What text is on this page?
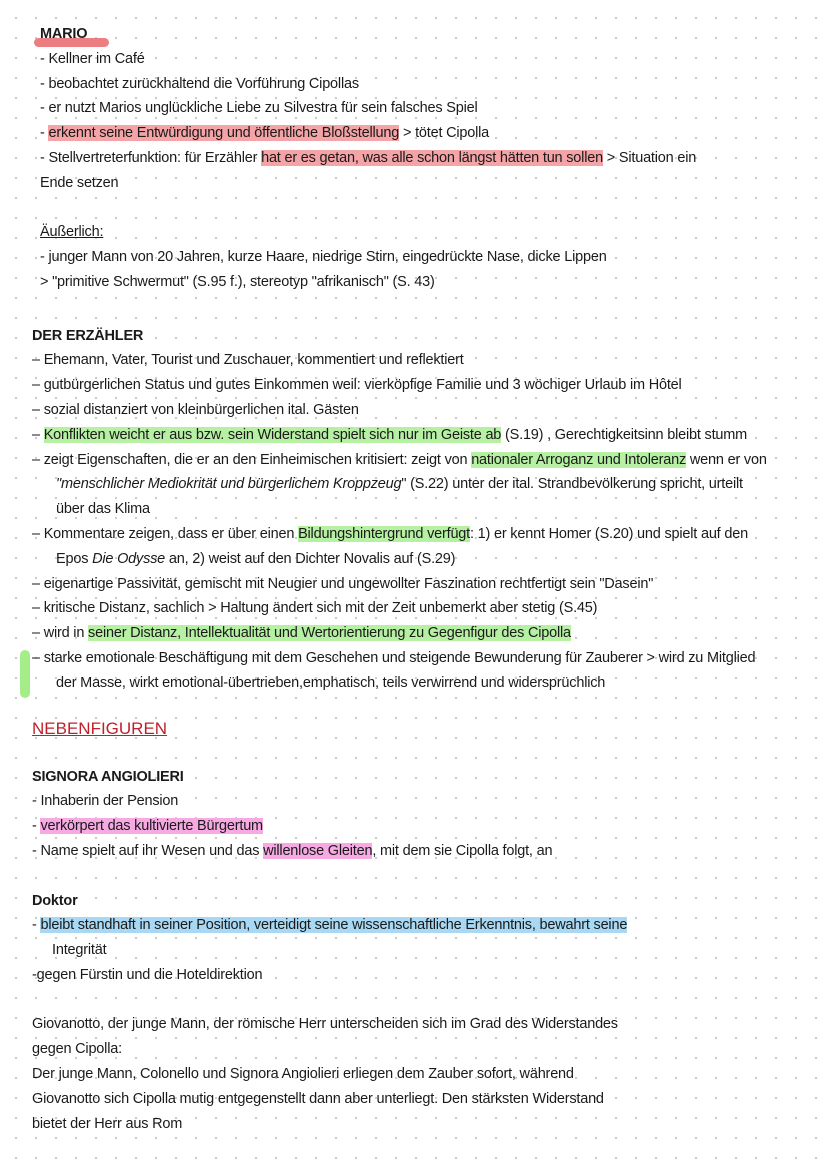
MARIO
- Kellner im Café
- beobachtet zurückhaltend die Vorführung Cipollas
- er nutzt Marios unglückliche Liebe zu Silvestra für sein falsches Spiel
- erkennt seine Entwürdigung und öffentliche Bloßstellung > tötet Cipolla
- Stellvertreterfunktion: für Erzähler hat er es getan, was alle schon längst hätten tun sollen > Situation ein
Ende setzen
Äußerlich:
- junger Mann von 20 Jahren, kurze Haare, niedrige Stirn, eingedrückte Nase, dicke Lippen
> "primitive Schwermut" (S.95 f.), stereotyp "afrikanisch" (S. 43)
DER ERZÄHLER
– Ehemann, Vater, Tourist und Zuschauer, kommentiert und reflektiert
– gutbürgerlichen Status und gutes Einkommen weil: vierköpfige Familie und 3 wöchiger Urlaub im Hôtel
– sozial distanziert von kleinbürgerlichen ital. Gästen
– Konflikten weicht er aus bzw. sein Widerstand spielt sich nur im Geiste ab (S.19) , Gerechtigkeitsinn bleibt stumm
– zeigt Eigenschaften, die er an den Einheimischen kritisiert: zeigt von nationaler Arroganz und Intoleranz wenn er von
"menschlicher Mediokrität und bürgerlichem Kroppzeug" (S.22) unter der ital. Strandbevölkerung spricht, urteilt
über das Klima
– Kommentare zeigen, dass er über einen Bildungshintergrund verfügt: 1) er kennt Homer (S.20) und spielt auf den
Epos Die Odysse an, 2) weist auf den Dichter Novalis auf (S.29)
– eigenartige Passivität, gemischt mit Neugier und ungewollter Faszination rechtfertigt sein "Dasein"
– kritische Distanz, sachlich > Haltung ändert sich mit der Zeit unbemerkt aber stetig (S.45)
– wird in seiner Distanz, Intellektualität und Wertorientierung zu Gegenfigur des Cipolla
– starke emotionale Beschäftigung mit dem Geschehen und steigende Bewunderung für Zauberer > wird zu Mitglied
der Masse, wirkt emotional-übertrieben,emphatisch, teils verwirrend und widersprüchlich
NEBENFIGUREN
SIGNORA ANGIOLIERI
- Inhaberin der Pension
- verkörpert das kultivierte Bürgertum
- Name spielt auf ihr Wesen und das willenlose Gleiten, mit dem sie Cipolla folgt, an
Doktor
- bleibt standhaft in seiner Position, verteidigt seine wissenschaftliche Erkenntnis, bewahrt seine
Integrität
-gegen Fürstin und die Hoteldirektion
Giovanotto, der junge Mann, der römische Herr unterscheiden sich im Grad des Widerstandes
gegen Cipolla:
Der junge Mann, Colonello und Signora Angiolieri erliegen dem Zauber sofort, während
Giovanotto sich Cipolla mutig entgegenstellt dann aber unterliegt. Den stärksten Widerstand
bietet der Herr aus Rom
